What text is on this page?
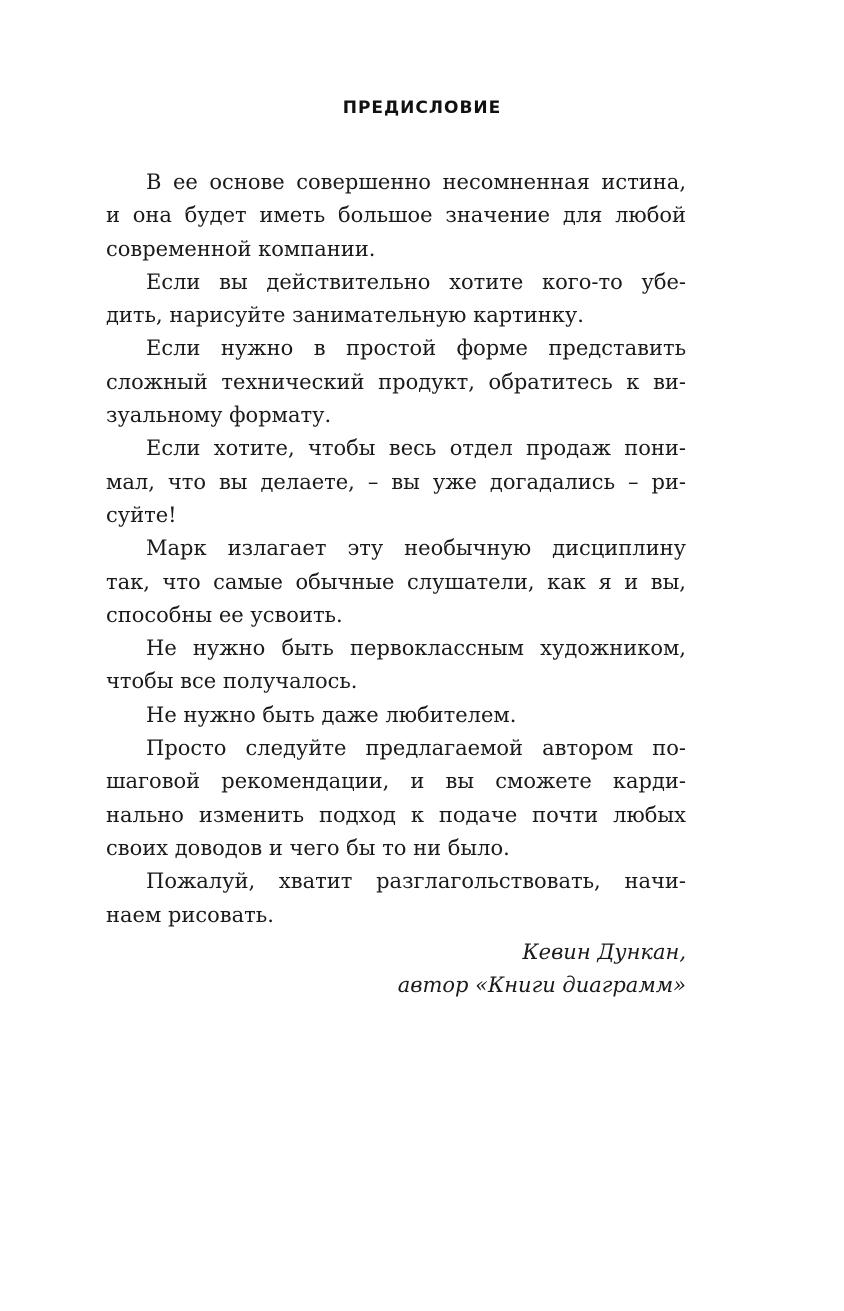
ПРЕДИСЛОВИЕ

В ее основе совершенно несомненная истина,
и она будет иметь большое значение для любой
современной компании.

Если вы действительно хотите кого-то убе-
дить, нарисуйте занимательную картинку.

Если нужно в простой форме представить
сложный технический продукт, обратитесь к ви-
зуальному формату.

Если хотите, чтобы весь отдел продаж пони-
мал, что вы делаете, – вы уже догадались – ри-
суйте!

Марк излагает эту необычную дисциплину
так, что самые обычные слушатели, как я и вы,
способны ее усвоить.

Не нужно быть первоклассным художником,
чтобы все получалось.

Не нужно быть даже любителем.

Просто следуйте предлагаемой автором по-
шаговой рекомендации, и вы сможете карди-
нально изменить подход к подаче почти любых
своих доводов и чего бы то ни было.

Пожалуй, хватит разглагольствовать, начи-
наем рисовать.

Кевин Дункан,
автор «Книги диаграмм»
